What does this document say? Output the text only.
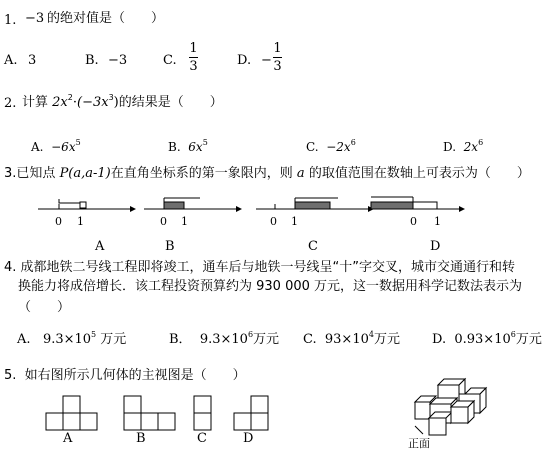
1. −3 的绝对值是（　　）
A. 3	B. −3	C.
1
3	D. −
1
3
2. 计算 $2x^2\cdot(-3x^3)$的结果是（　　）
A. $-6x^5$	B. $6x^5$	C. $-2x^6$	D. $2x^6$
3.已知点 P(a,a-1)在直角坐标系的第一象限内，则 a 的取值范围在数轴上可表示为（　　）
0 1	0 1	0 1	0 1
A	B	C	D
4. 成都地铁二号线工程即将竣工，通车后与地铁一号线呈“十”字交叉，城市交通通行和转
换能力将成倍增长．该工程投资预算约为 930 000 万元，这一数据用科学记数法表示为
（　　）
A. $9.3\times 10^5$ 万元	B． $9.3\times 10^6$万元 C. $93\times 10^4$万元 D. $0.93\times 10^6$万元
5. 如右图所示几何体的主视图是（　　）
A	B	C	D	正面
